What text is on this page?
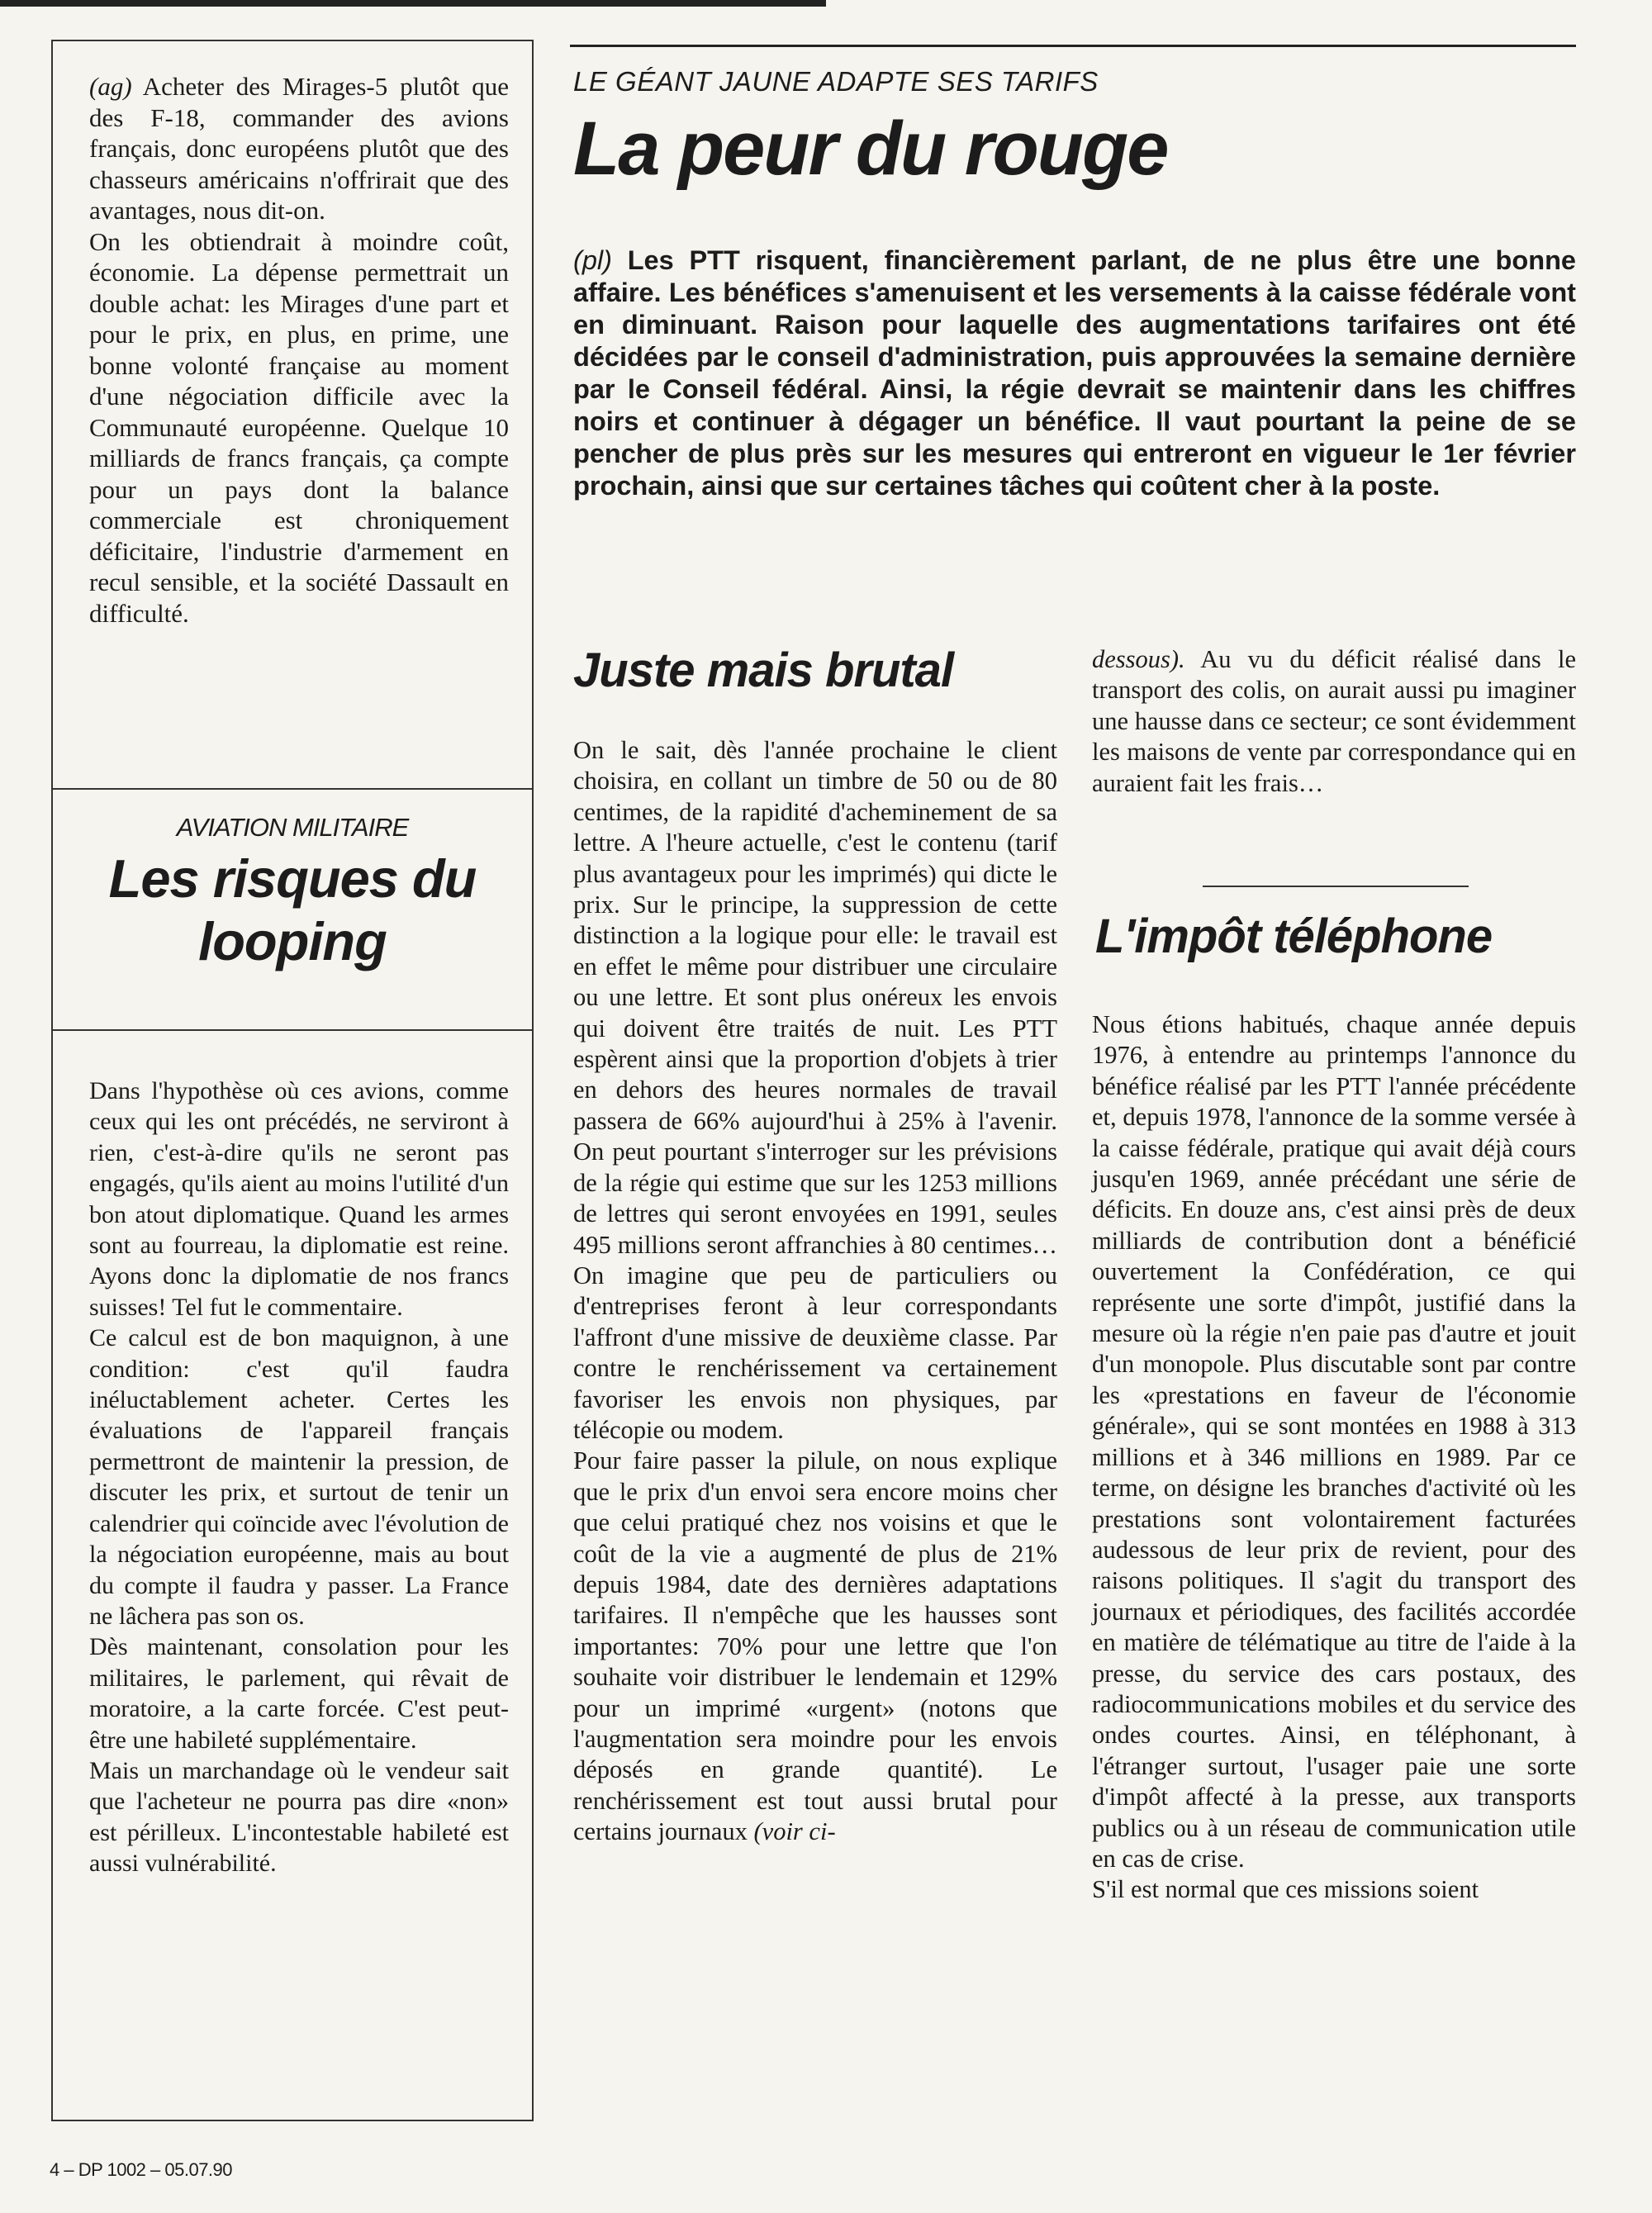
(ag) Acheter des Mirages-5 plutôt que des F-18, commander des avions français, donc européens plutôt que des chasseurs américains n'offrirait que des avantages, nous dit-on.

On les obtiendrait à moindre coût, économie. La dépense permettrait un double achat: les Mirages d'une part et pour le prix, en plus, en prime, une bonne volonté française au moment d'une négociation difficile avec la Communauté européenne. Quelque 10 milliards de francs français, ça compte pour un pays dont la balance commerciale est chroniquement déficitaire, l'industrie d'armement en recul sensible, et la société Dassault en difficulté.

AVIATION MILITAIRE
Les risques du
looping

Dans l'hypothèse où ces avions, comme ceux qui les ont précédés, ne serviront à rien, c'est-à-dire qu'ils ne seront pas engagés, qu'ils aient au moins l'utilité d'un bon atout diplomatique. Quand les armes sont au fourreau, la diplomatie est reine. Ayons donc la diplomatie de nos francs suisses! Tel fut le commentaire.

Ce calcul est de bon maquignon, à une condition: c'est qu'il faudra inéluctablement acheter. Certes les évaluations de l'appareil français permettront de maintenir la pression, de discuter les prix, et surtout de tenir un calendrier qui coïncide avec l'évolution de la négociation européenne, mais au bout du compte il faudra y passer. La France ne lâchera pas son os.

Dès maintenant, consolation pour les militaires, le parlement, qui rêvait de moratoire, a la carte forcée. C'est peut-être une habileté supplémentaire.

Mais un marchandage où le vendeur sait que l'acheteur ne pourra pas dire «non» est périlleux. L'incontestable habileté est aussi vulnérabilité.

LE GÉANT JAUNE ADAPTE SES TARIFS
La peur du rouge

(pl) Les PTT risquent, financièrement parlant, de ne plus être une bonne affaire. Les bénéfices s'amenuisent et les versements à la caisse fédérale vont en diminuant. Raison pour laquelle des augmentations tarifaires ont été décidées par le conseil d'administration, puis approuvées la semaine dernière par le Conseil fédéral. Ainsi, la régie devrait se maintenir dans les chiffres noirs et continuer à dégager un bénéfice. Il vaut pourtant la peine de se pencher de plus près sur les mesures qui entreront en vigueur le 1er février prochain, ainsi que sur certaines tâches qui coûtent cher à la poste.

Juste mais brutal

On le sait, dès l'année prochaine le client choisira, en collant un timbre de 50 ou de 80 centimes, de la rapidité d'acheminement de sa lettre. A l'heure actuelle, c'est le contenu (tarif plus avantageux pour les imprimés) qui dicte le prix. Sur le principe, la suppression de cette distinction a la logique pour elle: le travail est en effet le même pour distribuer une circulaire ou une lettre. Et sont plus onéreux les envois qui doivent être traités de nuit. Les PTT espèrent ainsi que la proportion d'objets à trier en dehors des heures normales de travail passera de 66% aujourd'hui à 25% à l'avenir. On peut pourtant s'interroger sur les prévisions de la régie qui estime que sur les 1253 millions de lettres qui seront envoyées en 1991, seules 495 millions seront affranchies à 80 centimes… On imagine que peu de particuliers ou d'entreprises feront à leur correspondants l'affront d'une missive de deuxième classe. Par contre le renchérissement va certainement favoriser les envois non physiques, par télécopie ou modem.

Pour faire passer la pilule, on nous explique que le prix d'un envoi sera encore moins cher que celui pratiqué chez nos voisins et que le coût de la vie a augmenté de plus de 21% depuis 1984, date des dernières adaptations tarifaires. Il n'empêche que les hausses sont importantes: 70% pour une lettre que l'on souhaite voir distribuer le lendemain et 129% pour un imprimé «urgent» (notons que l'augmentation sera moindre pour les envois déposés en grande quantité). Le renchérissement est tout aussi brutal pour certains journaux (voir ci-

dessous). Au vu du déficit réalisé dans le transport des colis, on aurait aussi pu imaginer une hausse dans ce secteur; ce sont évidemment les maisons de vente par correspondance qui en auraient fait les frais…

L'impôt téléphone

Nous étions habitués, chaque année depuis 1976, à entendre au printemps l'annonce du bénéfice réalisé par les PTT l'année précédente et, depuis 1978, l'annonce de la somme versée à la caisse fédérale, pratique qui avait déjà cours jusqu'en 1969, année précédant une série de déficits. En douze ans, c'est ainsi près de deux milliards de contribution dont a bénéficié ouvertement la Confédération, ce qui représente une sorte d'impôt, justifié dans la mesure où la régie n'en paie pas d'autre et jouit d'un monopole. Plus discutable sont par contre les «prestations en faveur de l'économie générale», qui se sont montées en 1988 à 313 millions et à 346 millions en 1989. Par ce terme, on désigne les branches d'activité où les prestations sont volontairement facturées audessous de leur prix de revient, pour des raisons politiques. Il s'agit du transport des journaux et périodiques, des facilités accordée en matière de télématique au titre de l'aide à la presse, du service des cars postaux, des radiocommunications mobiles et du service des ondes courtes. Ainsi, en téléphonant, à l'étranger surtout, l'usager paie une sorte d'impôt affecté à la presse, aux transports publics ou à un réseau de communication utile en cas de crise.

S'il est normal que ces missions soient

4 – DP 1002 – 05.07.90
